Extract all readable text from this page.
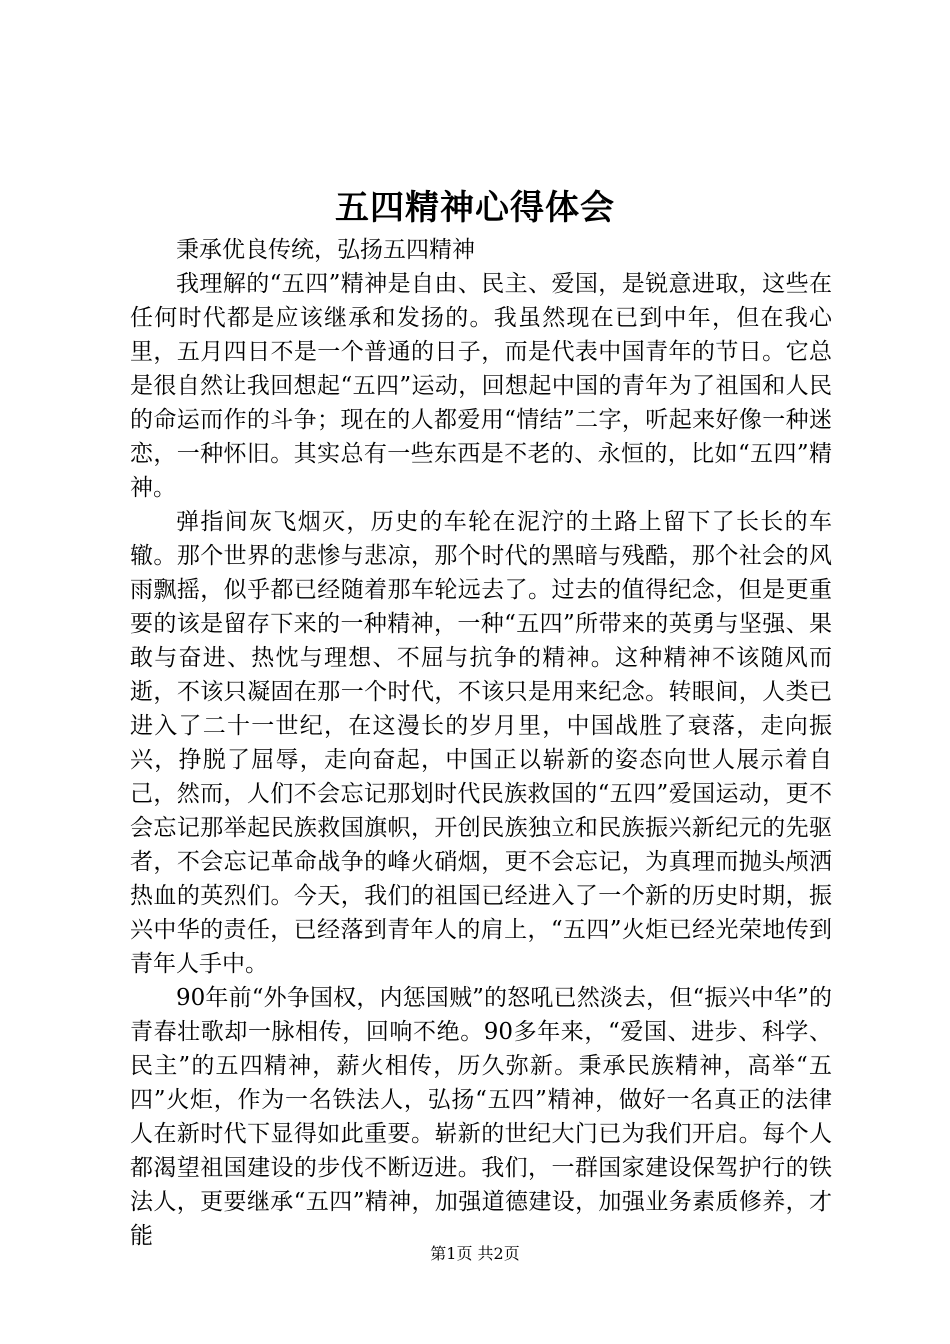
五四精神心得体会

秉承优良传统，弘扬五四精神

我理解的“五四”精神是自由、民主、爱国，是锐意进取，这些在任何时代都是应该继承和发扬的。我虽然现在已到中年，但在我心里，五月四日不是一个普通的日子，而是代表中国青年的节日。它总是很自然让我回想起“五四”运动，回想起中国的青年为了祖国和人民的命运而作的斗争；现在的人都爱用“情结”二字，听起来好像一种迷恋，一种怀旧。其实总有一些东西是不老的、永恒的，比如“五四”精神。

弹指间灰飞烟灭，历史的车轮在泥泞的土路上留下了长长的车辙。那个世界的悲惨与悲凉，那个时代的黑暗与残酷，那个社会的风雨飘摇，似乎都已经随着那车轮远去了。过去的值得纪念，但是更重要的该是留存下来的一种精神，一种“五四”所带来的英勇与坚强、果敢与奋进、热忱与理想、不屈与抗争的精神。这种精神不该随风而逝，不该只凝固在那一个时代，不该只是用来纪念。转眼间，人类已进入了二十一世纪，在这漫长的岁月里，中国战胜了衰落，走向振兴，挣脱了屈辱，走向奋起，中国正以崭新的姿态向世人展示着自己，然而，人们不会忘记那划时代民族救国的“五四”爱国运动，更不会忘记那举起民族救国旗帜，开创民族独立和民族振兴新纪元的先驱者，不会忘记革命战争的峰火硝烟，更不会忘记，为真理而抛头颅洒热血的英烈们。今天，我们的祖国已经进入了一个新的历史时期，振兴中华的责任，已经落到青年人的肩上，“五四”火炬已经光荣地传到青年人手中。

90年前“外争国权，内惩国贼”的怒吼已然淡去，但“振兴中华”的青春壮歌却一脉相传，回响不绝。90多年来，“爱国、进步、科学、民主”的五四精神，薪火相传，历久弥新。秉承民族精神，高举“五四”火炬，作为一名铁法人，弘扬“五四”精神，做好一名真正的法律人在新时代下显得如此重要。崭新的世纪大门已为我们开启。每个人都渴望祖国建设的步伐不断迈进。我们，一群国家建设保驾护行的铁法人，更要继承“五四”精神，加强道德建设，加强业务素质修养，才能

第1页 共2页
